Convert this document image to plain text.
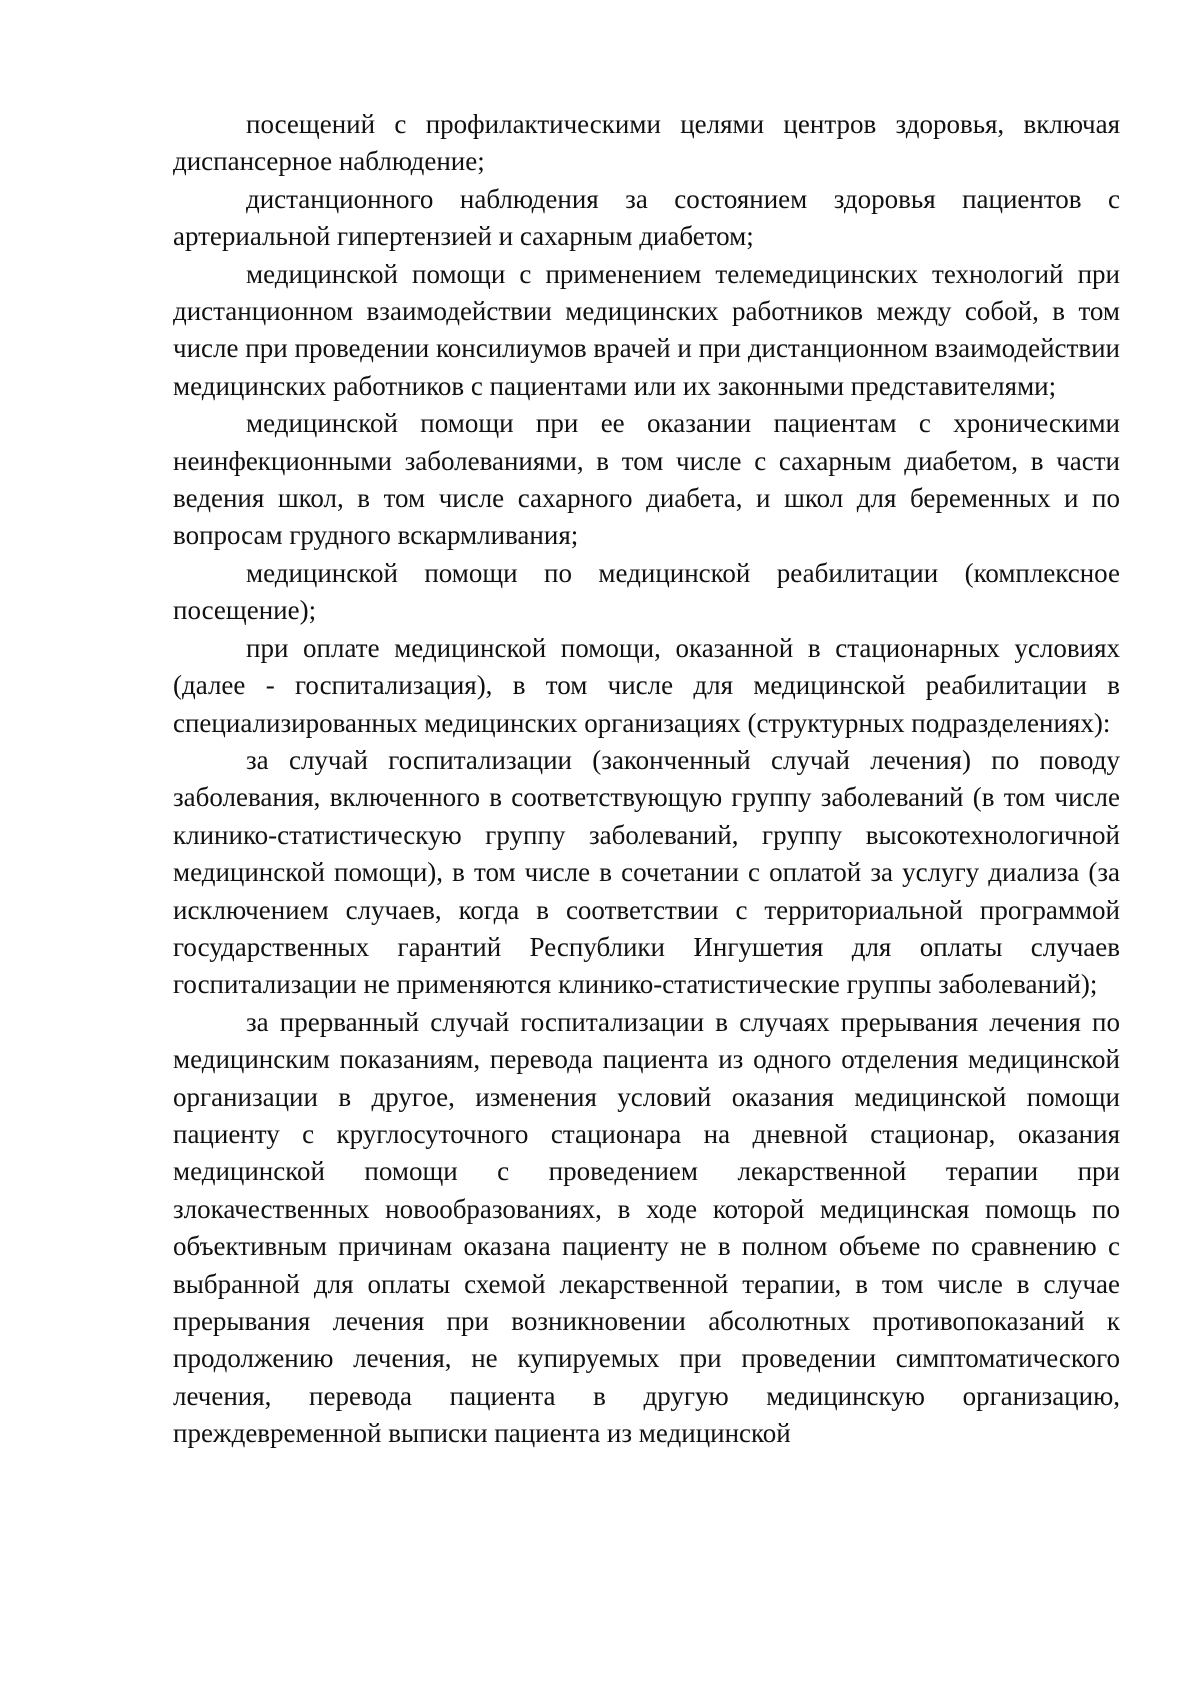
посещений с профилактическими целями центров здоровья, включая диспансерное наблюдение;

дистанционного наблюдения за состоянием здоровья пациентов с артериальной гипертензией и сахарным диабетом;

медицинской помощи с применением телемедицинских технологий при дистанционном взаимодействии медицинских работников между собой, в том числе при проведении консилиумов врачей и при дистанционном взаимодействии медицинских работников с пациентами или их законными представителями;

медицинской помощи при ее оказании пациентам с хроническими неинфекционными заболеваниями, в том числе с сахарным диабетом, в части ведения школ, в том числе сахарного диабета, и школ для беременных и по вопросам грудного вскармливания;

медицинской помощи по медицинской реабилитации (комплексное посещение);

при оплате медицинской помощи, оказанной в стационарных условиях (далее - госпитализация), в том числе для медицинской реабилитации в специализированных медицинских организациях (структурных подразделениях):

за случай госпитализации (законченный случай лечения) по поводу заболевания, включенного в соответствующую группу заболеваний (в том числе клинико-статистическую группу заболеваний, группу высокотехнологичной медицинской помощи), в том числе в сочетании с оплатой за услугу диализа (за исключением случаев, когда в соответствии с территориальной программой государственных гарантий Республики Ингушетия для оплаты случаев госпитализации не применяются клинико-статистические группы заболеваний);

за прерванный случай госпитализации в случаях прерывания лечения по медицинским показаниям, перевода пациента из одного отделения медицинской организации в другое, изменения условий оказания медицинской помощи пациенту с круглосуточного стационара на дневной стационар, оказания медицинской помощи с проведением лекарственной терапии при злокачественных новообразованиях, в ходе которой медицинская помощь по объективным причинам оказана пациенту не в полном объеме по сравнению с выбранной для оплаты схемой лекарственной терапии, в том числе в случае прерывания лечения при возникновении абсолютных противопоказаний к продолжению лечения, не купируемых при проведении симптоматического лечения, перевода пациента в другую медицинскую организацию, преждевременной выписки пациента из медицинской
